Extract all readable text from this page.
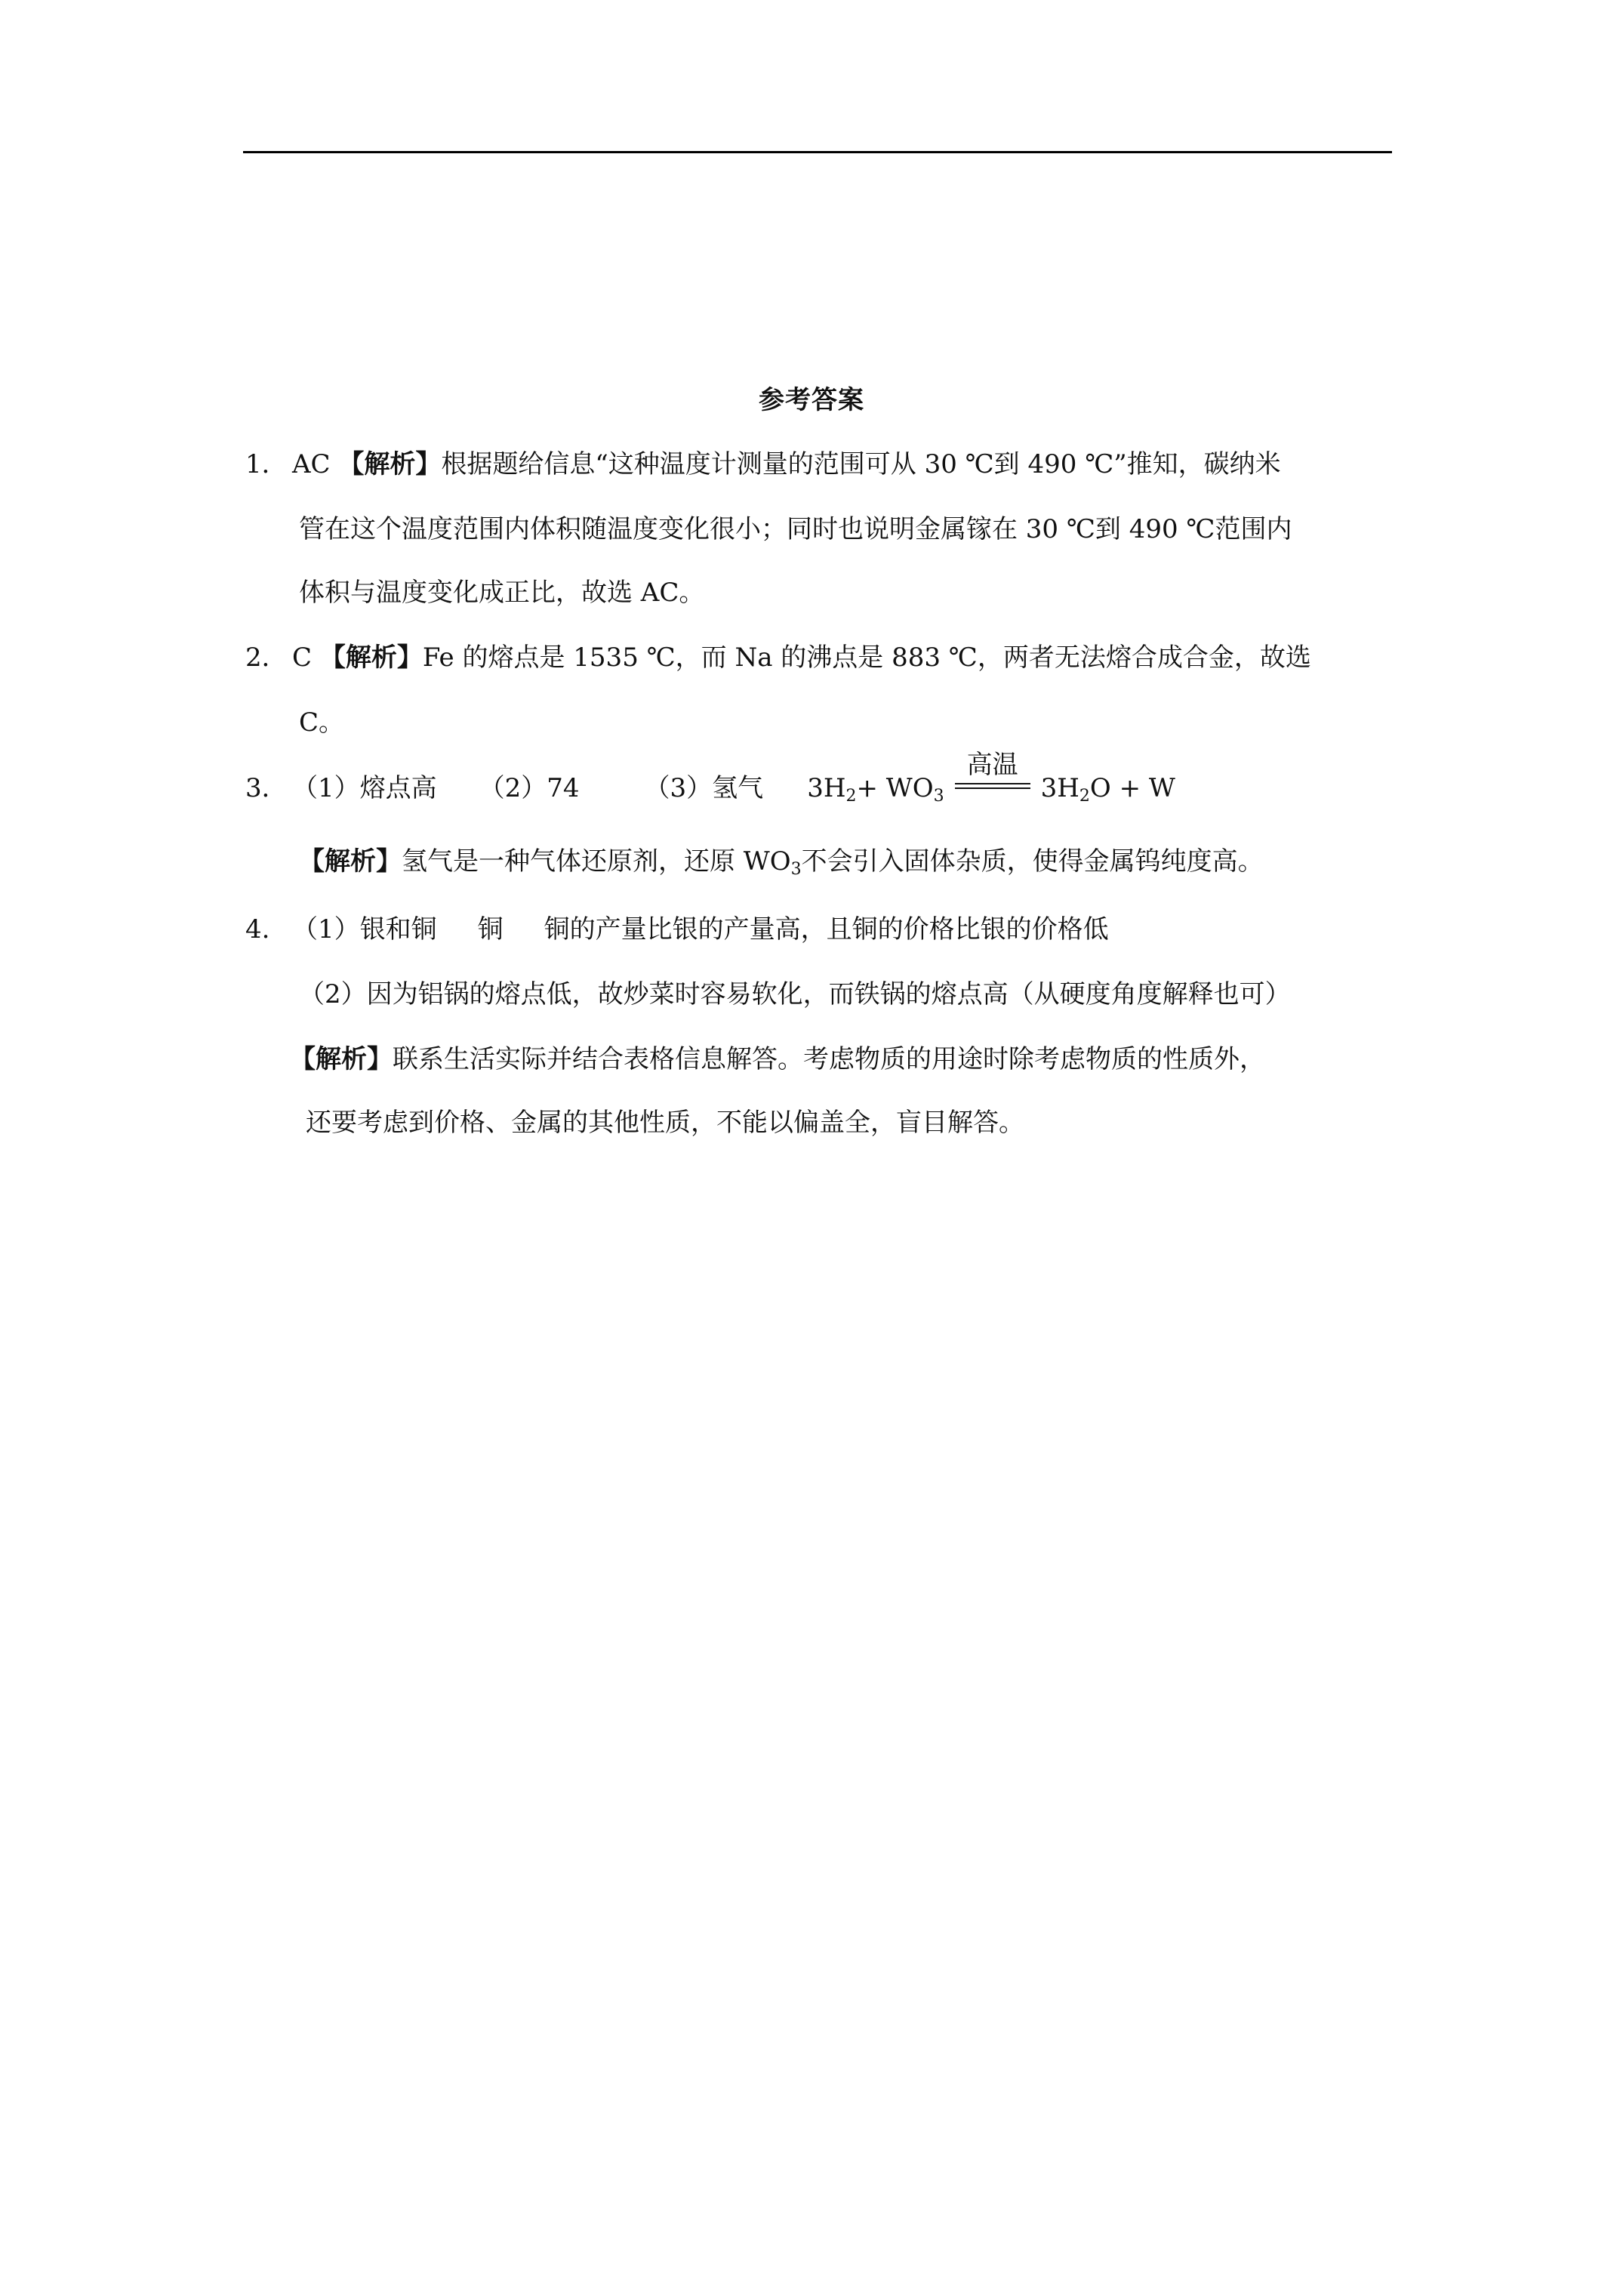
参考答案
1． AC 【解析】根据题给信息“这种温度计测量的范围可从 30 ℃到 490 ℃”推知，碳纳米
管在这个温度范围内体积随温度变化很小；同时也说明金属镓在 30 ℃到 490 ℃范围内
体积与温度变化成正比，故选 AC。
2． C 【解析】Fe 的熔点是 1535 ℃，而 Na 的沸点是 883 ℃，两者无法熔合成合金，故选
C。
3． （1）熔点高 （2）74	（3）氢气 $3H_2+ WO_3$
高温
$3H_2O + W$
【解析】氢气是一种气体还原剂，还原 $WO_3$不会引入固体杂质，使得金属钨纯度高。
4. （1）银和铜 铜 铜的产量比银的产量高，且铜的价格比银的价格低
（2）因为铝锅的熔点低，故炒菜时容易软化，而铁锅的熔点高（从硬度角度解释也可）
【解析】联系生活实际并结合表格信息解答。考虑物质的用途时除考虑物质的性质外，
还要考虑到价格、金属的其他性质，不能以偏盖全，盲目解答。
